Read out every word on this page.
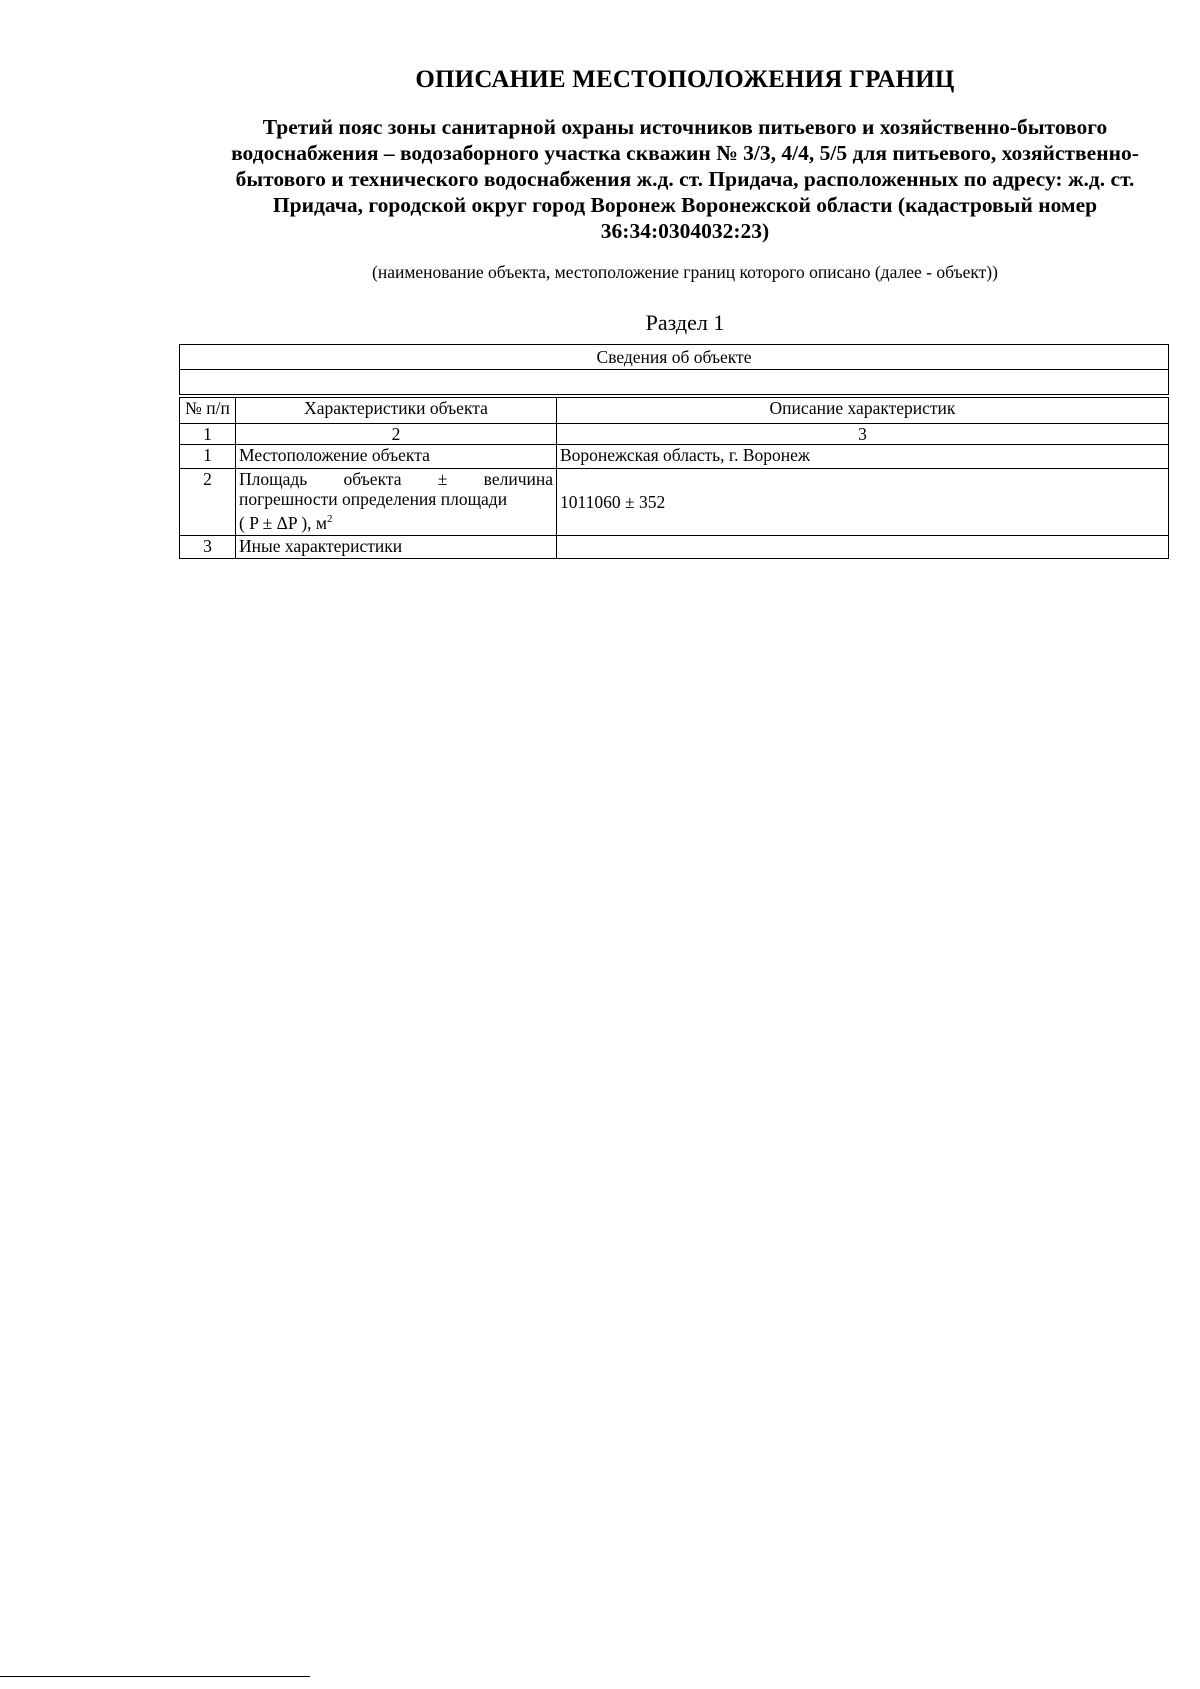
ОПИСАНИЕ МЕСТОПОЛОЖЕНИЯ ГРАНИЦ
Третий пояс зоны санитарной охраны источников питьевого и хозяйственно-бытового
водоснабжения – водозаборного участка скважин № 3/3, 4/4, 5/5 для питьевого, хозяйственно-
бытового и технического водоснабжения ж.д. ст. Придача, расположенных по адресу: ж.д. ст.
Придача, городской округ город Воронеж Воронежской области (кадастровый номер
36:34:0304032:23)
(наименование объекта, местоположение границ которого описано (далее - объект))
Раздел 1
Сведения об объекте
№ п/п	Характеристики объекта	Описание характеристик
1	2	3
1	Местоположение объекта	Воронежская область, г. Воронеж
2	Площадь объекта ± величина
погрешности определения площади
( P ± ΔP ), $м^2$	1011060 ± 352
3	Иные характеристики	
